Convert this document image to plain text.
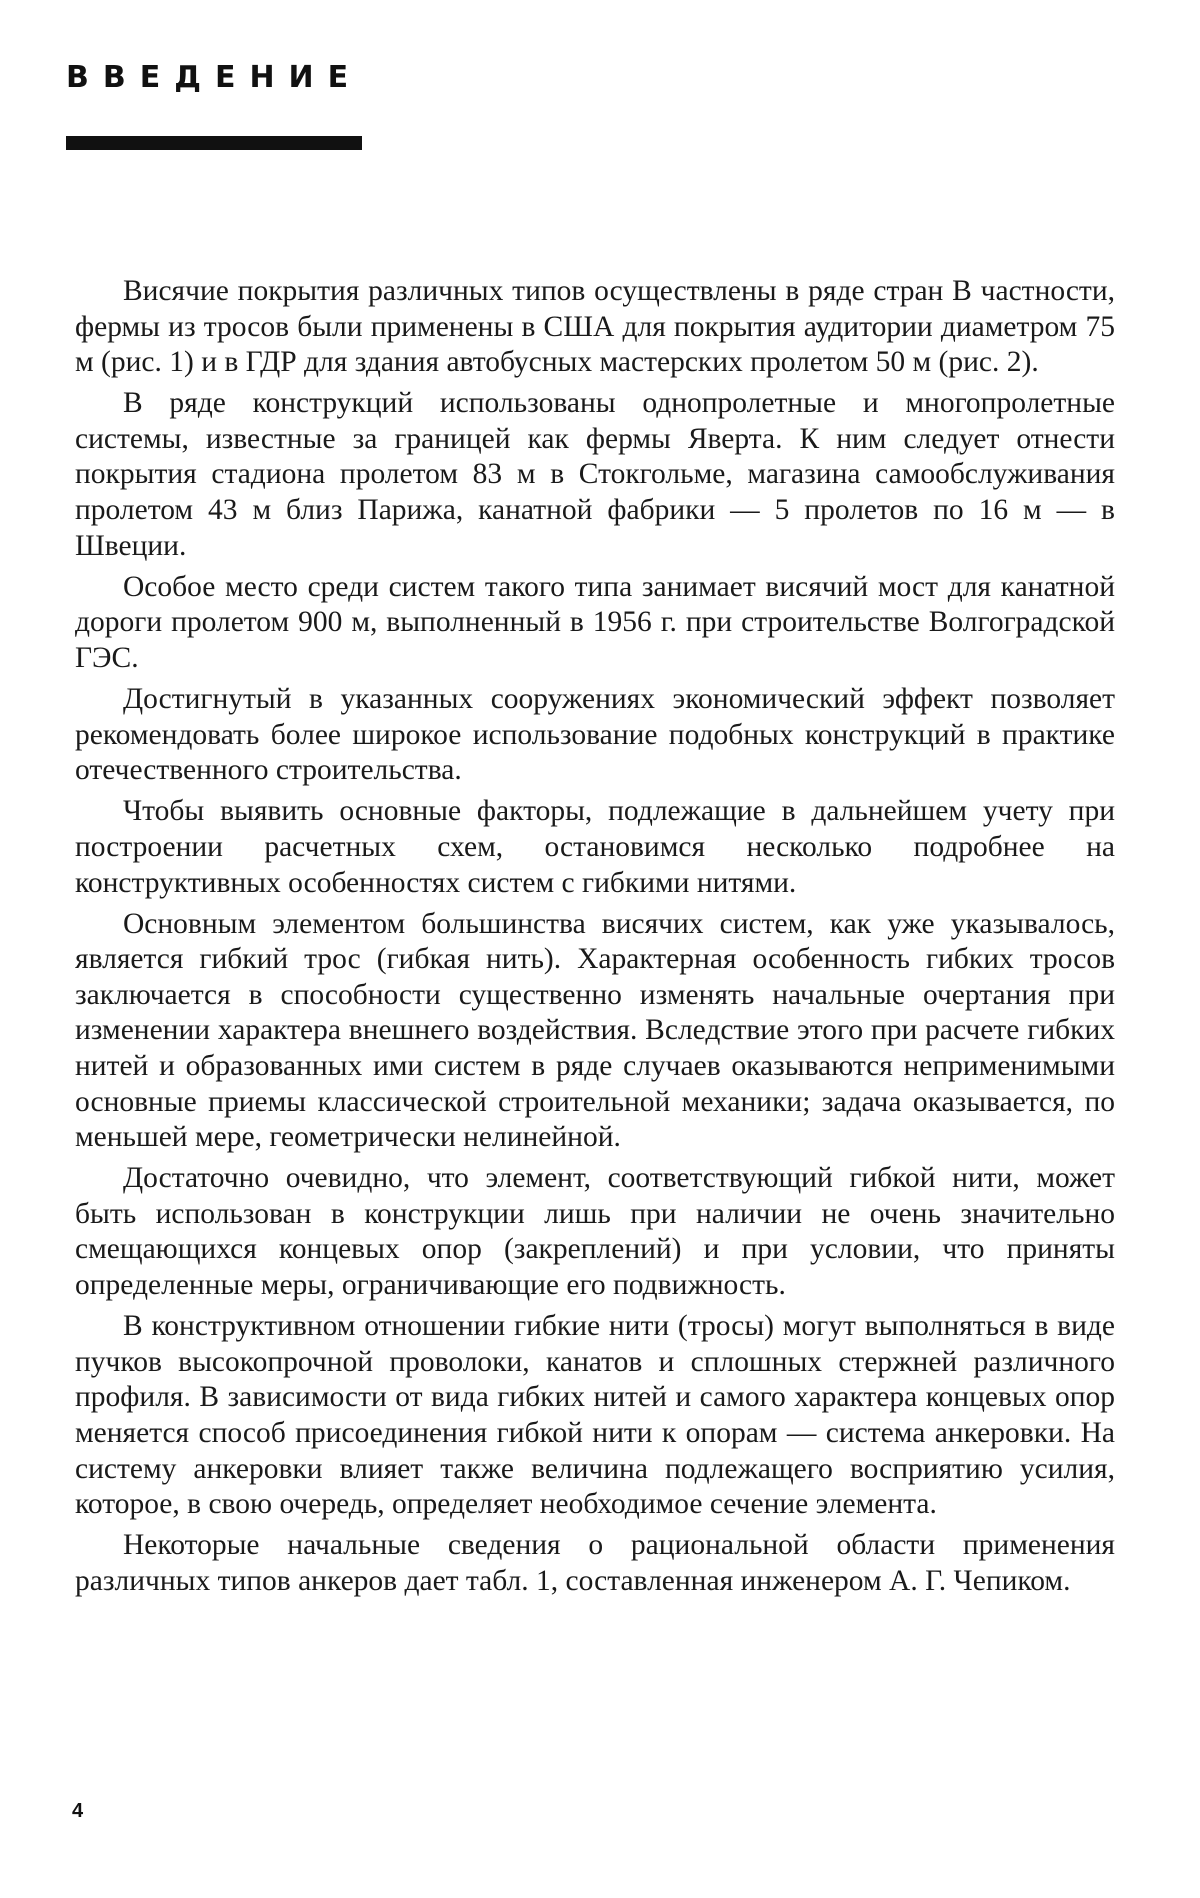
ВВЕДЕНИЕ

Висячие покрытия различных типов осуществлены в ряде стран В частности, фермы из тросов были применены в США для покрытия аудитории диаметром 75 м (рис. 1) и в ГДР для здания автобусных мастерских пролетом 50 м (рис. 2).

В ряде конструкций использованы однопролетные и многопролетные системы, известные за границей как фермы Яверта. К ним следует отнести покрытия стадиона пролетом 83 м в Стокгольме, магазина самообслуживания пролетом 43 м близ Парижа, канатной фабрики — 5 пролетов по 16 м — в Швеции.

Особое место среди систем такого типа занимает висячий мост для канатной дороги пролетом 900 м, выполненный в 1956 г. при строительстве Волгоградской ГЭС.

Достигнутый в указанных сооружениях экономический эффект позволяет рекомендовать более широкое использование подобных конструкций в практике отечественного строительства.

Чтобы выявить основные факторы, подлежащие в дальнейшем учету при построении расчетных схем, остановимся несколько подробнее на конструктивных особенностях систем с гибкими нитями.

Основным элементом большинства висячих систем, как уже указывалось, является гибкий трос (гибкая нить). Характерная особенность гибких тросов заключается в способности существенно изменять начальные очертания при изменении характера внешнего воздействия. Вследствие этого при расчете гибких нитей и образованных ими систем в ряде случаев оказываются неприменимыми основные приемы классической строительной механики; задача оказывается, по меньшей мере, геометрически нелинейной.

Достаточно очевидно, что элемент, соответствующий гибкой нити, может быть использован в конструкции лишь при наличии не очень значительно смещающихся концевых опор (закреплений) и при условии, что приняты определенные меры, ограничивающие его подвижность.

В конструктивном отношении гибкие нити (тросы) могут выполняться в виде пучков высокопрочной проволоки, канатов и сплошных стержней различного профиля. В зависимости от вида гибких нитей и самого характера концевых опор меняется способ присоединения гибкой нити к опорам — система анкеровки. На систему анкеровки влияет также величина подлежащего восприятию усилия, которое, в свою очередь, определяет необходимое сечение элемента.

Некоторые начальные сведения о рациональной области применения различных типов анкеров дает табл. 1, составленная инженером А. Г. Чепиком.

4
